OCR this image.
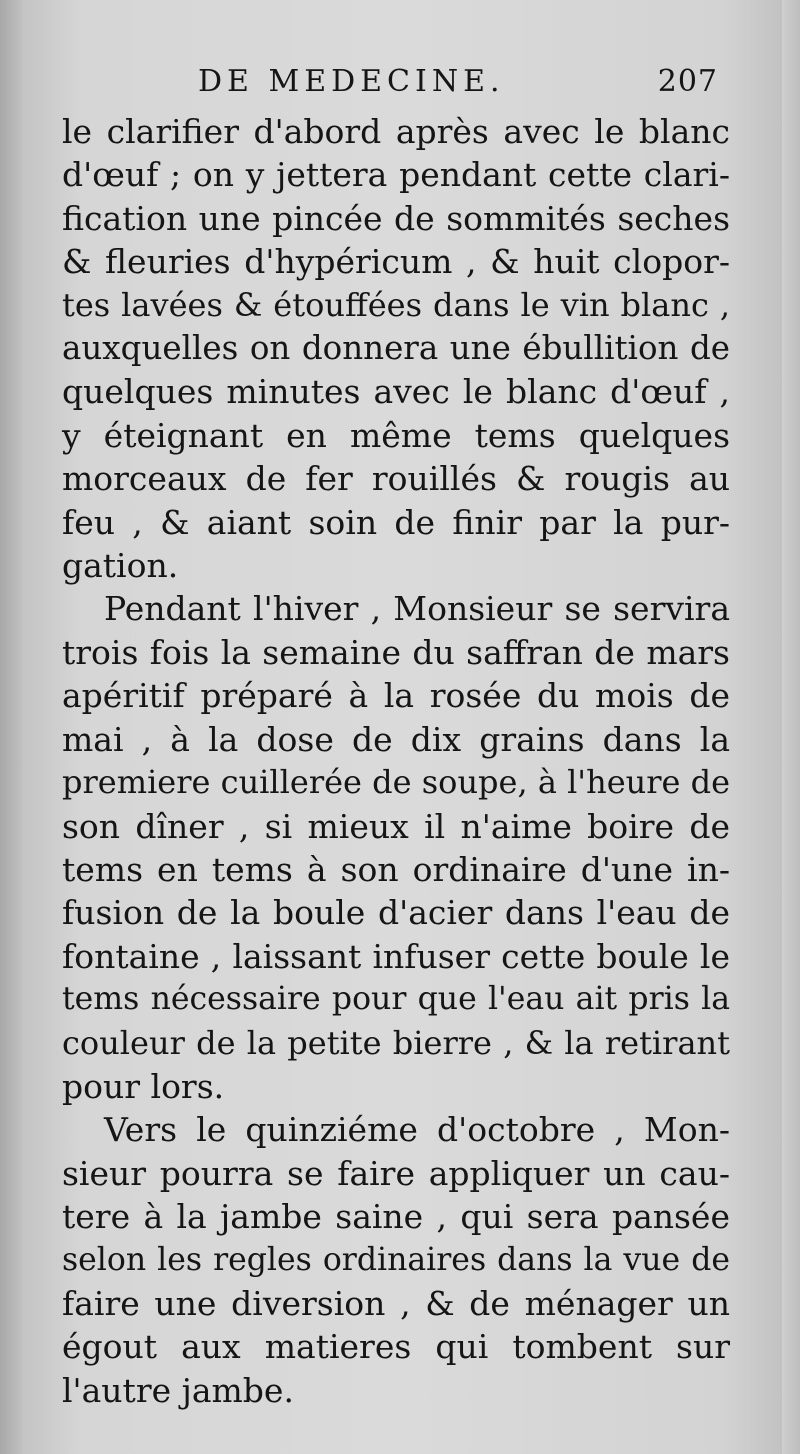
DE MEDECINE.	207
le clarifier d'abord après avec le blanc
d'œuf ; on y jettera pendant cette clari-
fication une pincée de sommités seches
& fleuries d'hypéricum , & huit clopor-
tes lavées & étouffées dans le vin blanc ,
auxquelles on donnera une ébullition de
quelques minutes avec le blanc d'œuf ,
y éteignant en même tems quelques
morceaux de fer rouillés & rougis au
feu , & aiant soin de finir par la pur-
gation.
Pendant l'hiver , Monsieur se servira
trois fois la semaine du saffran de mars
apéritif préparé à la rosée du mois de
mai , à la dose de dix grains dans la
premiere cuillerée de soupe, à l'heure de
son dîner , si mieux il n'aime boire de
tems en tems à son ordinaire d'une in-
fusion de la boule d'acier dans l'eau de
fontaine , laissant infuser cette boule le
tems nécessaire pour que l'eau ait pris la
couleur de la petite bierre , & la retirant
pour lors.
Vers le quinziéme d'octobre , Mon-
sieur pourra se faire appliquer un cau-
tere à la jambe saine , qui sera pansée
selon les regles ordinaires dans la vue de
faire une diversion , & de ménager un
égout aux matieres qui tombent sur
l'autre jambe.
